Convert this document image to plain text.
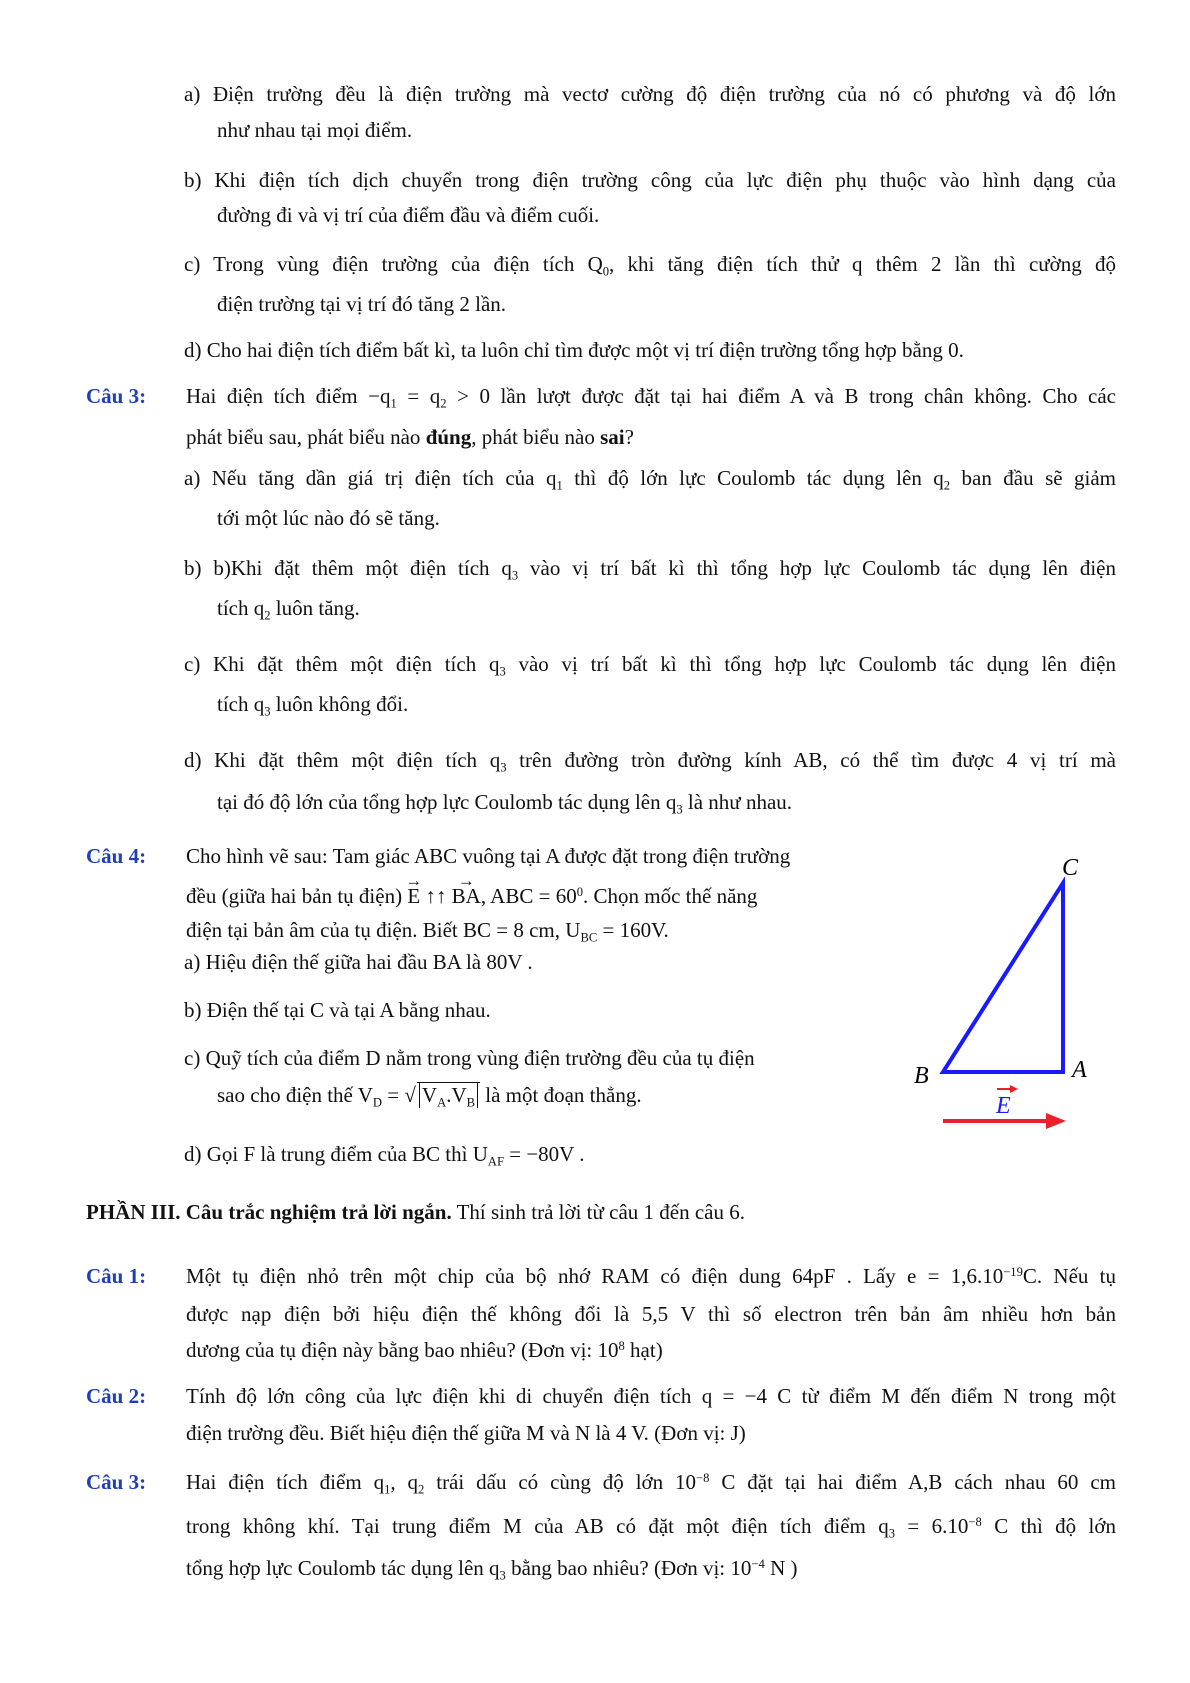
a) Điện trường đều là điện trường mà vectơ cường độ điện trường của nó có phương và độ lớn
như nhau tại mọi điểm.
b) Khi điện tích dịch chuyển trong điện trường công của lực điện phụ thuộc vào hình dạng của
đường đi và vị trí của điểm đầu và điểm cuối.
c) Trong vùng điện trường của điện tích $Q_0$, khi tăng điện tích thử q thêm 2 lần thì cường độ
điện trường tại vị trí đó tăng 2 lần.
d) Cho hai điện tích điểm bất kì, ta luôn chỉ tìm được một vị trí điện trường tổng hợp bằng 0.
Câu 3: Hai điện tích điểm $-q_1 = q_2 > 0$ lần lượt được đặt tại hai điểm A và B trong chân không. Cho các
phát biểu sau, phát biểu nào đúng, phát biểu nào sai?
a) Nếu tăng dần giá trị điện tích của $q_1$ thì độ lớn lực Coulomb tác dụng lên $q_2$ ban đầu sẽ giảm
tới một lúc nào đó sẽ tăng.
b) b)Khi đặt thêm một điện tích $q_3$ vào vị trí bất kì thì tổng hợp lực Coulomb tác dụng lên điện
tích $q_2$ luôn tăng.
c) Khi đặt thêm một điện tích $q_3$ vào vị trí bất kì thì tổng hợp lực Coulomb tác dụng lên điện
tích $q_3$ luôn không đổi.
d) Khi đặt thêm một điện tích $q_3$ trên đường tròn đường kính AB, có thể tìm được 4 vị trí mà
tại đó độ lớn của tổng hợp lực Coulomb tác dụng lên $q_3$ là như nhau.
Câu 4: Cho hình vẽ sau: Tam giác ABC vuông tại A được đặt trong điện trường
đều (giữa hai bản tụ điện) → E ↑↑ → BA, ABC = $60^0$. Chọn mốc thế năng
điện tại bản âm của tụ điện. Biết BC = 8 cm, $U_{BC} = 160V$.
a) Hiệu điện thế giữa hai đầu BA là 80V .
b) Điện thế tại C và tại A bằng nhau.
c) Quỹ tích của điểm D nằm trong vùng điện trường đều của tụ điện
sao cho điện thế $V_D$ = √ $V_A.V_B$ là một đoạn thẳng.
d) Gọi F là trung điểm của BC thì $U_{AF} = -80V$ .
C
B	A
E
PHẦN III. Câu trắc nghiệm trả lời ngắn. Thí sinh trả lời từ câu 1 đến câu 6.
Câu 1: Một tụ điện nhỏ trên một chip của bộ nhớ RAM có điện dung 64pF . Lấy $e = 1,6.10^{-19}C$. Nếu tụ
được nạp điện bởi hiệu điện thế không đổi là 5,5 V thì số electron trên bản âm nhiều hơn bản
dương của tụ điện này bằng bao nhiêu? (Đơn vị: $10^8$ hạt)
Câu 2: Tính độ lớn công của lực điện khi di chuyển điện tích q = −4 C từ điểm M đến điểm N trong một
điện trường đều. Biết hiệu điện thế giữa M và N là 4 V. (Đơn vị: J)
Câu 3: Hai điện tích điểm $q_1$, $q_2$ trái dấu có cùng độ lớn $10^{-8}$ C đặt tại hai điểm A,B cách nhau 60 cm
trong không khí. Tại trung điểm M của AB có đặt một điện tích điểm $q_3 = 6.10^{-8}$ C thì độ lớn
tổng hợp lực Coulomb tác dụng lên $q_3$ bằng bao nhiêu? (Đơn vị: $10^{-4}$ N )
